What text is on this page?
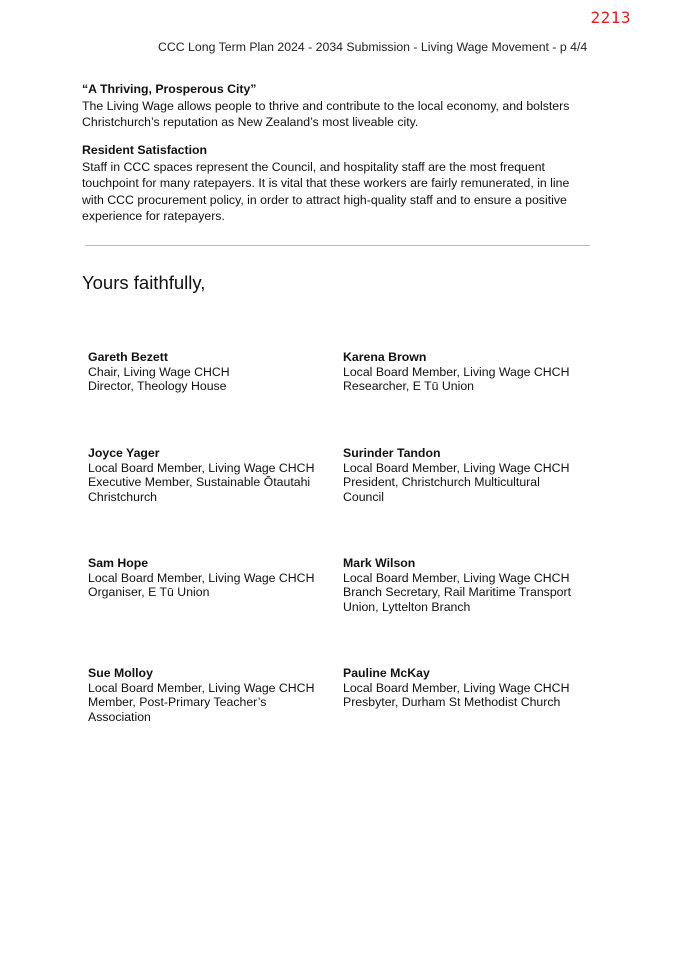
2213
CCC Long Term Plan 2024 - 2034 Submission - Living Wage Movement - p 4/4
“A Thriving, Prosperous City”

The Living Wage allows people to thrive and contribute to the local economy, and bolsters Christchurch’s reputation as New Zealand’s most liveable city.

Resident Satisfaction

Staff in CCC spaces represent the Council, and hospitality staff are the most frequent touchpoint for many ratepayers. It is vital that these workers are fairly remunerated, in line with CCC procurement policy, in order to attract high-quality staff and to ensure a positive experience for ratepayers.

Yours faithfully,
Gareth Bezett
Chair, Living Wage CHCH
Director, Theology House
Karena Brown
Local Board Member, Living Wage CHCH
Researcher, E Tū Union
Joyce Yager
Local Board Member, Living Wage CHCH
Executive Member, Sustainable Ōtautahi
Christchurch
Surinder Tandon
Local Board Member, Living Wage CHCH
President, Christchurch Multicultural
Council
Sam Hope
Local Board Member, Living Wage CHCH
Organiser, E Tū Union
Mark Wilson
Local Board Member, Living Wage CHCH
Branch Secretary, Rail Maritime Transport
Union, Lyttelton Branch
Sue Molloy
Local Board Member, Living Wage CHCH
Member, Post-Primary Teacher’s
Association
Pauline McKay
Local Board Member, Living Wage CHCH
Presbyter, Durham St Methodist Church
